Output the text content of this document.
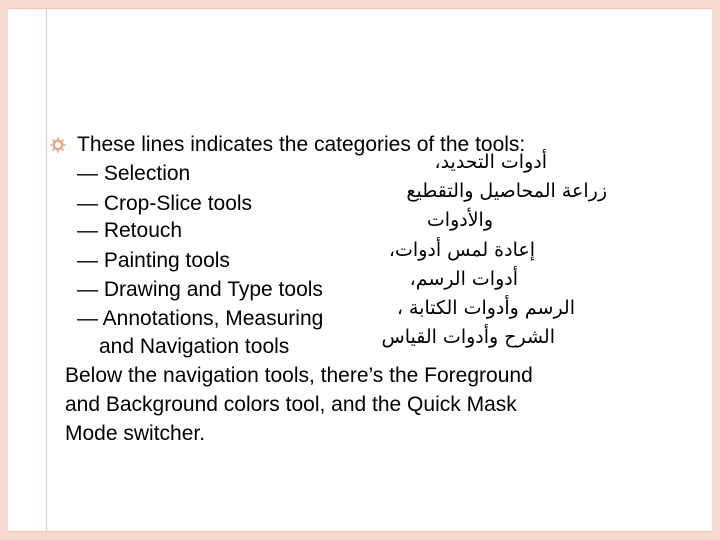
These lines indicates the categories of the tools:
— Selection
— Crop-Slice tools
— Retouch
— Painting tools
— Drawing and Type tools
— Annotations, Measuring
and Navigation tools
أدوات التحديد،
زراعة المحاصيل والتقطيع
والأدوات
إعادة لمس أدوات،
أدوات الرسم،
الرسم وأدوات الكتابة ،
الشرح وأدوات القياس
Below the navigation tools, there’s the Foreground
and Background colors tool, and the Quick Mask
Mode switcher.
